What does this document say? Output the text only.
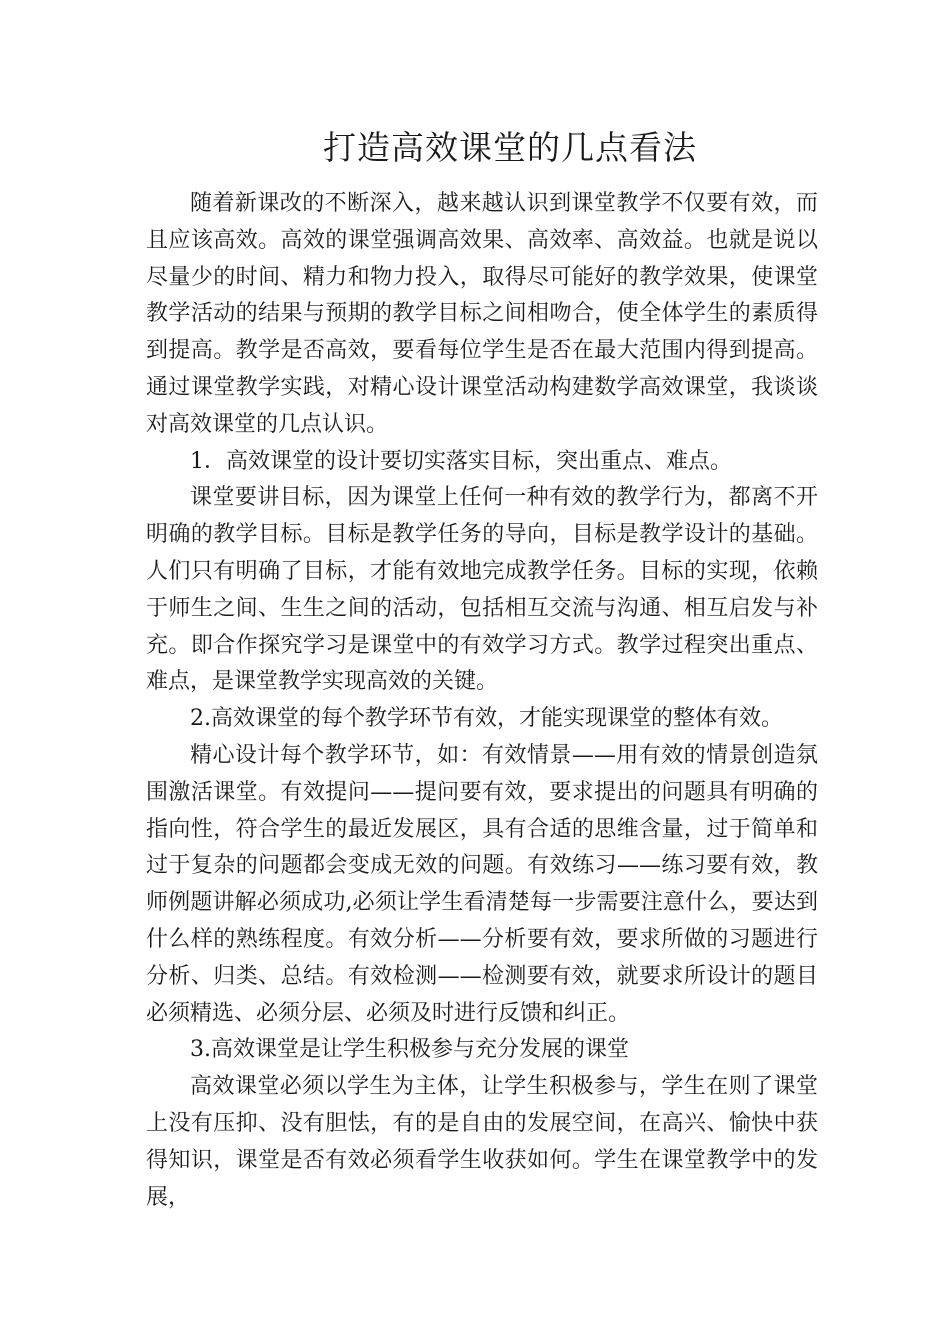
打造高效课堂的几点看法

随着新课改的不断深入，越来越认识到课堂教学不仅要有效，而且应该高效。高效的课堂强调高效果、高效率、高效益。也就是说以尽量少的时间、精力和物力投入，取得尽可能好的教学效果，使课堂教学活动的结果与预期的教学目标之间相吻合，使全体学生的素质得到提高。教学是否高效，要看每位学生是否在最大范围内得到提高。通过课堂教学实践，对精心设计课堂活动构建数学高效课堂，我谈谈对高效课堂的几点认识。

1．高效课堂的设计要切实落实目标，突出重点、难点。

课堂要讲目标，因为课堂上任何一种有效的教学行为，都离不开明确的教学目标。目标是教学任务的导向，目标是教学设计的基础。人们只有明确了目标，才能有效地完成教学任务。目标的实现，依赖于师生之间、生生之间的活动，包括相互交流与沟通、相互启发与补充。即合作探究学习是课堂中的有效学习方式。教学过程突出重点、难点，是课堂教学实现高效的关键。

2.高效课堂的每个教学环节有效，才能实现课堂的整体有效。

精心设计每个教学环节，如：有效情景——用有效的情景创造氛围激活课堂。有效提问——提问要有效，要求提出的问题具有明确的指向性，符合学生的最近发展区，具有合适的思维含量，过于简单和过于复杂的问题都会变成无效的问题。有效练习——练习要有效，教师例题讲解必须成功,必须让学生看清楚每一步需要注意什么，要达到什么样的熟练程度。有效分析——分析要有效，要求所做的习题进行分析、归类、总结。有效检测——检测要有效，就要求所设计的题目必须精选、必须分层、必须及时进行反馈和纠正。

3.高效课堂是让学生积极参与充分发展的课堂

高效课堂必须以学生为主体，让学生积极参与，学生在则了课堂上没有压抑、没有胆怯，有的是自由的发展空间，在高兴、愉快中获得知识，课堂是否有效必须看学生收获如何。学生在课堂教学中的发展，
